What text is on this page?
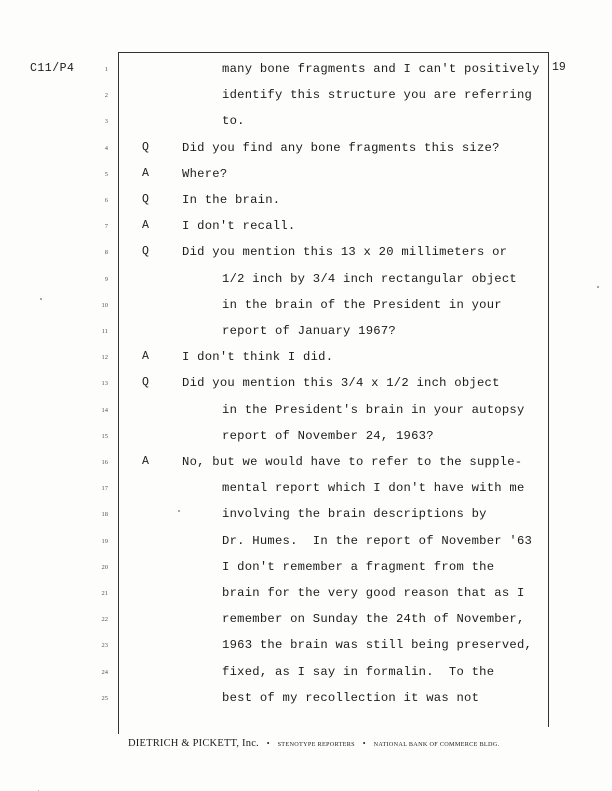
C11/P4	19
1	many bone fragments and I can't positively
2	identify this structure you are referring
3	to.
4	Q	Did you find any bone fragments this size?
5	A	Where?
6	Q	In the brain.
7	A	I don't recall.
8	Q	Did you mention this 13 x 20 millimeters or
9	1/2 inch by 3/4 inch rectangular object
10	in the brain of the President in your
11	report of January 1967?
12	A	I don't think I did.
13	Q	Did you mention this 3/4 x 1/2 inch object
14	in the President's brain in your autopsy
15	report of November 24, 1963?
16	A	No, but we would have to refer to the supple-
17	mental report which I don't have with me
18	involving the brain descriptions by
19	Dr. Humes.  In the report of November '63
20	I don't remember a fragment from the
21	brain for the very good reason that as I
22	remember on Sunday the 24th of November,
23	1963 the brain was still being preserved,
24	fixed, as I say in formalin.  To the
25	best of my recollection it was not
DIETRICH & PICKETT, Inc. • STENOTYPE REPORTERS • NATIONAL BANK OF COMMERCE BLDG.
